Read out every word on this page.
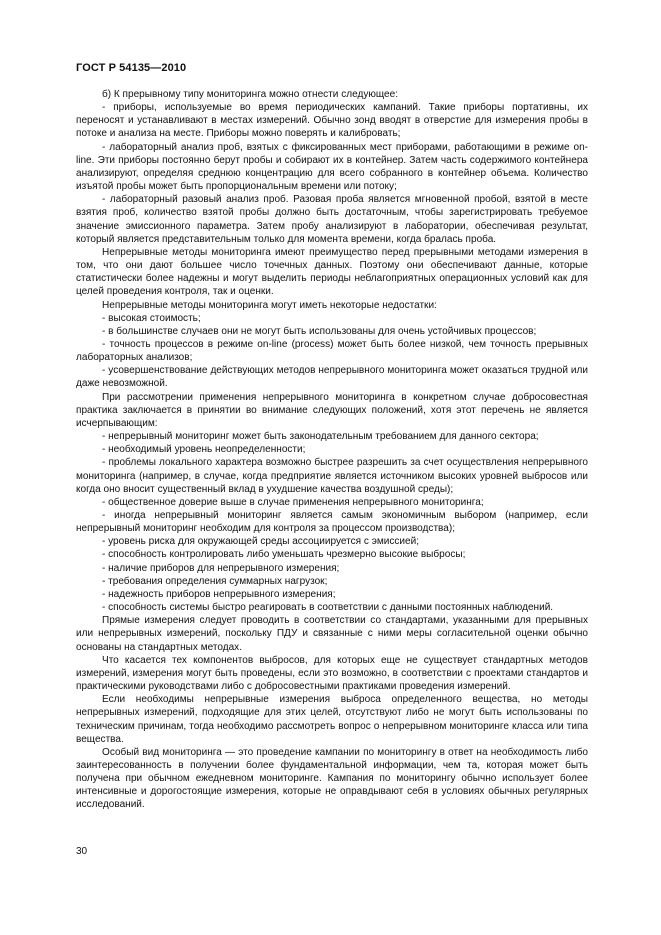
ГОСТ Р 54135—2010

б) К прерывному типу мониторинга можно отнести следующее:

- приборы, используемые во время периодических кампаний. Такие приборы портативны, их переносят и устанавливают в местах измерений. Обычно зонд вводят в отверстие для измерения пробы в потоке и анализа на месте. Приборы можно поверять и калибровать;

- лабораторный анализ проб, взятых с фиксированных мест приборами, работающими в режиме on-line. Эти приборы постоянно берут пробы и собирают их в контейнер. Затем часть содержимого контейнера анализируют, определяя среднюю концентрацию для всего собранного в контейнер объема. Количество изъятой пробы может быть пропорциональным времени или потоку;

- лабораторный разовый анализ проб. Разовая проба является мгновенной пробой, взятой в месте взятия проб, количество взятой пробы должно быть достаточным, чтобы зарегистрировать требуемое значение эмиссионного параметра. Затем пробу анализируют в лаборатории, обеспечивая результат, который является представительным только для момента времени, когда бралась проба.

Непрерывные методы мониторинга имеют преимущество перед прерывными методами измерения в том, что они дают большее число точечных данных. Поэтому они обеспечивают данные, которые статистически более надежны и могут выделить периоды неблагоприятных операционных условий как для целей проведения контроля, так и оценки.

Непрерывные методы мониторинга могут иметь некоторые недостатки:

- высокая стоимость;

- в большинстве случаев они не могут быть использованы для очень устойчивых процессов;

- точность процессов в режиме on-line (process) может быть более низкой, чем точность прерывных лабораторных анализов;

- усовершенствование действующих методов непрерывного мониторинга может оказаться трудной или даже невозможной.

При рассмотрении применения непрерывного мониторинга в конкретном случае добросовестная практика заключается в принятии во внимание следующих положений, хотя этот перечень не является исчерпывающим:

- непрерывный мониторинг может быть законодательным требованием для данного сектора;

- необходимый уровень неопределенности;

- проблемы локального характера возможно быстрее разрешить за счет осуществления непрерывного мониторинга (например, в случае, когда предприятие является источником высоких уровней выбросов или когда оно вносит существенный вклад в ухудшение качества воздушной среды);

- общественное доверие выше в случае применения непрерывного мониторинга;

- иногда непрерывный мониторинг является самым экономичным выбором (например, если непрерывный мониторинг необходим для контроля за процессом производства);

- уровень риска для окружающей среды ассоциируется с эмиссией;

- способность контролировать либо уменьшать чрезмерно высокие выбросы;

- наличие приборов для непрерывного измерения;

- требования определения суммарных нагрузок;

- надежность приборов непрерывного измерения;

- способность системы быстро реагировать в соответствии с данными постоянных наблюдений.

Прямые измерения следует проводить в соответствии со стандартами, указанными для прерывных или непрерывных измерений, поскольку ПДУ и связанные с ними меры согласительной оценки обычно основаны на стандартных методах.

Что касается тех компонентов выбросов, для которых еще не существует стандартных методов измерений, измерения могут быть проведены, если это возможно, в соответствии с проектами стандартов и практическими руководствами либо с добросовестными практиками проведения измерений.

Если необходимы непрерывные измерения выброса определенного вещества, но методы непрерывных измерений, подходящие для этих целей, отсутствуют либо не могут быть использованы по техническим причинам, тогда необходимо рассмотреть вопрос о непрерывном мониторинге класса или типа вещества.

Особый вид мониторинга — это проведение кампании по мониторингу в ответ на необходимость либо заинтересованность в получении более фундаментальной информации, чем та, которая может быть получена при обычном ежедневном мониторинге. Кампания по мониторингу обычно использует более интенсивные и дорогостоящие измерения, которые не оправдывают себя в условиях обычных регулярных исследований.

30
